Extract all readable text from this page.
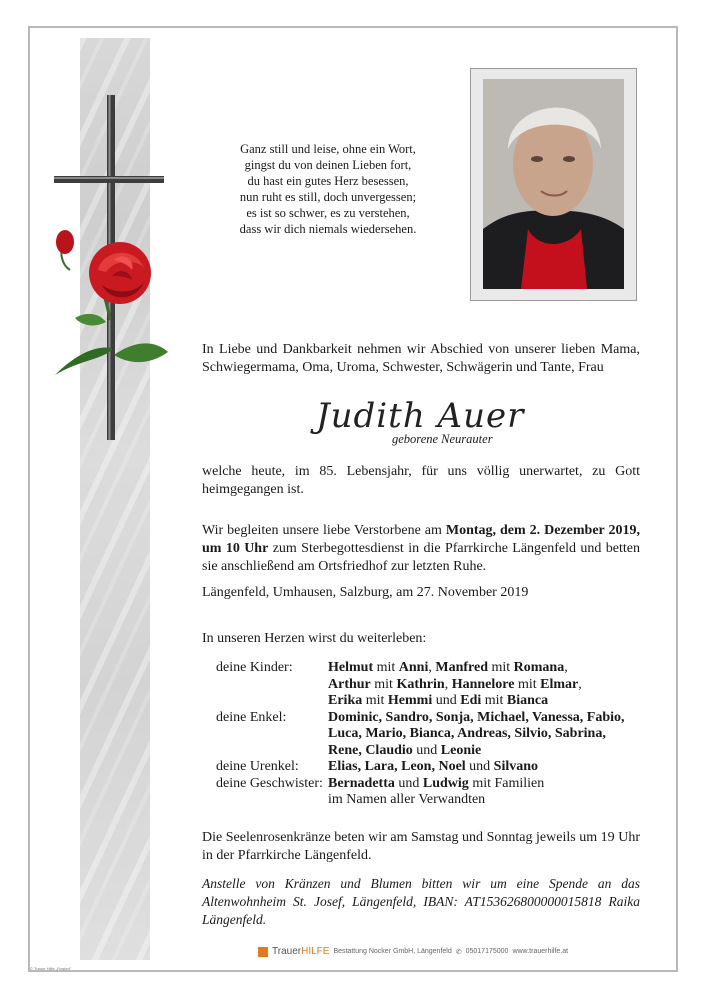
Ganz still und leise, ohne ein Wort,
gingst du von deinen Lieben fort,
du hast ein gutes Herz besessen,
nun ruht es still, doch unvergessen;
es ist so schwer, es zu verstehen,
dass wir dich niemals wiedersehen.
In Liebe und Dankbarkeit nehmen wir Abschied von unserer lieben Mama, Schwiegermama, Oma, Uroma, Schwester, Schwägerin und Tante, Frau
Judith Auer
geborene Neurauter
welche heute, im 85. Lebensjahr, für uns völlig unerwartet, zu Gott heimgegangen ist.
Wir begleiten unsere liebe Verstorbene am Montag, dem 2. Dezember 2019, um 10 Uhr zum Sterbegottesdienst in die Pfarrkirche Längenfeld und betten sie anschließend am Ortsfriedhof zur letzten Ruhe.
Längenfeld, Umhausen, Salzburg, am 27. November 2019
In unseren Herzen wirst du weiterleben:
deine Kinder:	Helmut mit Anni, Manfred mit Romana,
	Arthur mit Kathrin, Hannelore mit Elmar,
	Erika mit Hemmi und Edi mit Bianca
deine Enkel:	Dominic, Sandro, Sonja, Michael, Vanessa, Fabio,
	Luca, Mario, Bianca, Andreas, Silvio, Sabrina,
	Rene, Claudio und Leonie
deine Urenkel:	Elias, Lara, Leon, Noel und Silvano
deine Geschwister:	Bernadetta und Ludwig mit Familien
	im Namen aller Verwandten
Die Seelenrosenkränze beten wir am Samstag und Sonntag jeweils um 19 Uhr in der Pfarrkirche Längenfeld.
Anstelle von Kränzen und Blumen bitten wir um eine Spende an das Altenwohnheim St. Josef, Längenfeld, IBAN: AT153626800000015818 Raika Längenfeld.
TrauerHILFE Bestattung Nocker GmbH, Längenfeld ✆ 05017175000 www.trauerhilfe.at
© Trauer Hilfe „Rosted"
